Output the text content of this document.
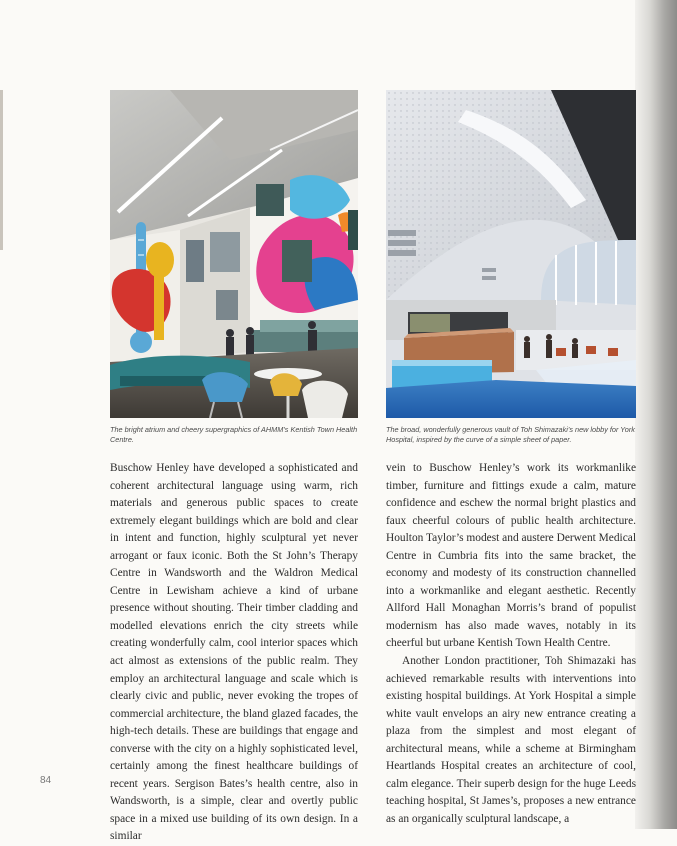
The bright atrium and cheery supergraphics of AHMM’s Kentish Town Health Centre.

The broad, wonderfully generous vault of Toh Shimazaki’s new lobby for York Hospital, inspired by the curve of a simple sheet of paper.

Buschow Henley have developed a sophisticated and coherent architectural language using warm, rich materials and generous public spaces to create extremely elegant buildings which are bold and clear in intent and function, highly sculptural yet never arrogant or faux iconic. Both the St John’s Therapy Centre in Wandsworth and the Waldron Medical Centre in Lewisham achieve a kind of urbane presence without shouting. Their timber cladding and modelled elevations enrich the city streets while creating wonderfully calm, cool interior spaces which act almost as extensions of the public realm. They employ an architectural language and scale which is clearly civic and public, never evoking the tropes of commercial architecture, the bland glazed facades, the high-tech details. These are buildings that engage and converse with the city on a highly sophisticated level, certainly among the finest healthcare buildings of recent years. Sergison Bates’s health centre, also in Wandsworth, is a simple, clear and overtly public space in a mixed use building of its own design. In a similar

vein to Buschow Henley’s work its workmanlike timber, furniture and fittings exude a calm, mature confidence and eschew the normal bright plastics and faux cheerful colours of public health architecture. Houlton Taylor’s modest and austere Derwent Medical Centre in Cumbria fits into the same bracket, the economy and modesty of its construction channelled into a workmanlike and elegant aesthetic. Recently Allford Hall Monaghan Morris’s brand of populist modernism has also made waves, notably in its cheerful but urbane Kentish Town Health Centre.

Another London practitioner, Toh Shimazaki has achieved remarkable results with interventions into existing hospital buildings. At York Hospital a simple white vault envelops an airy new entrance creating a plaza from the simplest and most elegant of architectural means, while a scheme at Birmingham Heartlands Hospital creates an architecture of cool, calm elegance. Their superb design for the huge Leeds teaching hospital, St James’s, proposes a new entrance as an organically sculptural landscape, a

84
